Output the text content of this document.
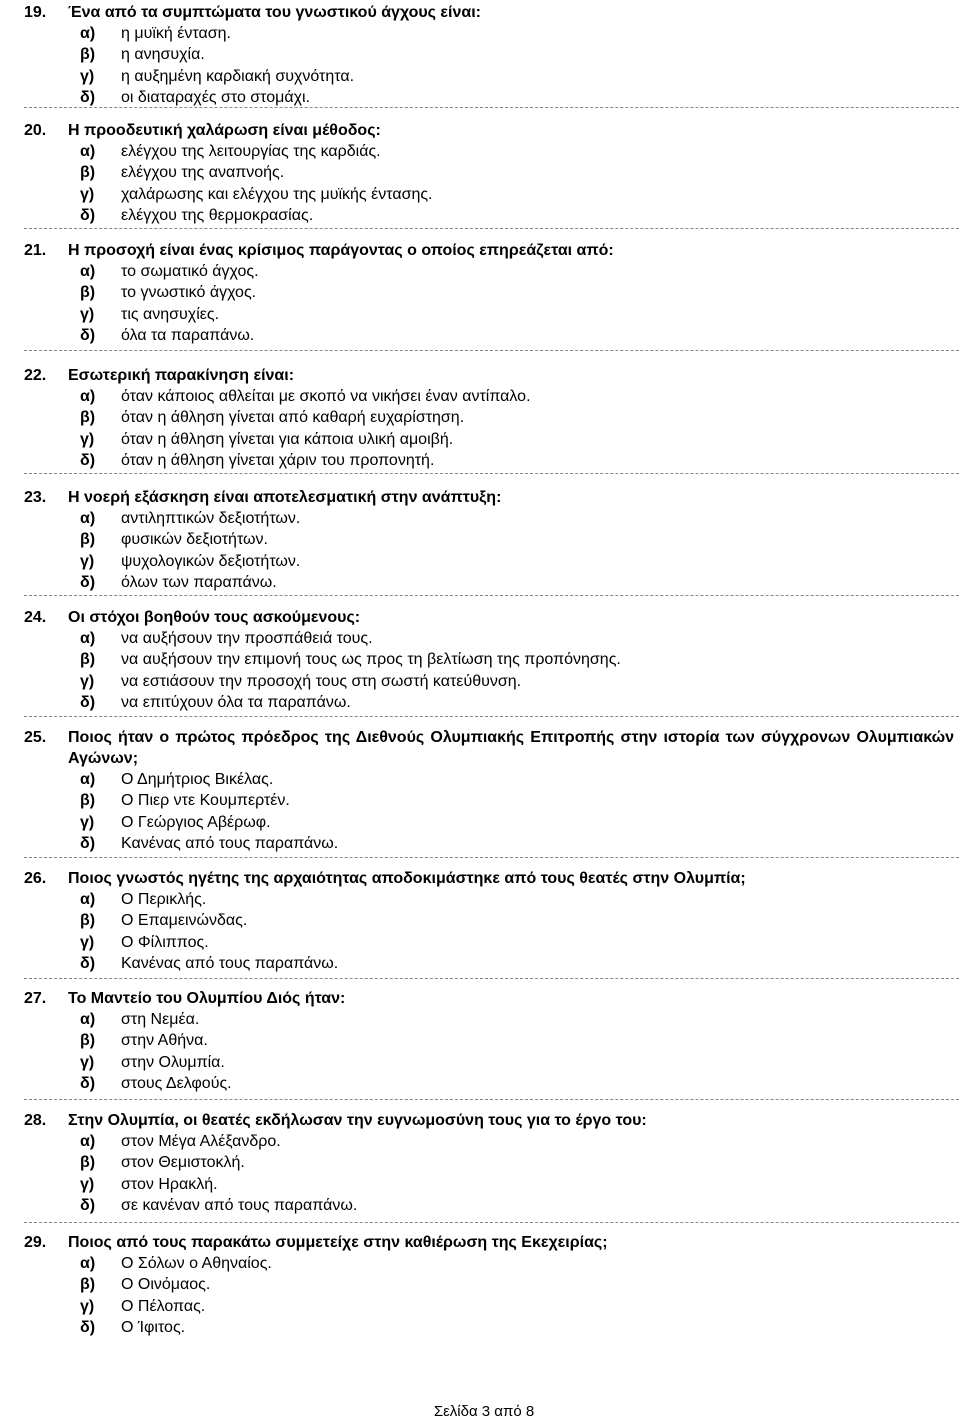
19.	Ένα από τα συμπτώματα του γνωστικού άγχους είναι:
α)	η μυϊκή ένταση.
β)	η ανησυχία.
γ)	η αυξημένη καρδιακή συχνότητα.
δ)	οι διαταραχές στο στομάχι.
20.	Η προοδευτική χαλάρωση είναι μέθοδος:
α)	ελέγχου της λειτουργίας της καρδιάς.
β)	ελέγχου της αναπνοής.
γ)	χαλάρωσης και ελέγχου της μυϊκής έντασης.
δ)	ελέγχου της θερμοκρασίας.
21.	Η προσοχή είναι ένας κρίσιμος παράγοντας ο οποίος επηρεάζεται από:
α)	το σωματικό άγχος.
β)	το γνωστικό άγχος.
γ)	τις ανησυχίες.
δ)	όλα τα παραπάνω.
22.	Εσωτερική παρακίνηση είναι:
α)	όταν κάποιος αθλείται με σκοπό να νικήσει έναν αντίπαλο.
β)	όταν η άθληση γίνεται από καθαρή ευχαρίστηση.
γ)	όταν η άθληση γίνεται για κάποια υλική αμοιβή.
δ)	όταν η άθληση γίνεται χάριν του προπονητή.
23.	Η νοερή εξάσκηση είναι αποτελεσματική στην ανάπτυξη:
α)	αντιληπτικών δεξιοτήτων.
β)	φυσικών δεξιοτήτων.
γ)	ψυχολογικών δεξιοτήτων.
δ)	όλων των παραπάνω.
24.	Οι στόχοι βοηθούν τους ασκούμενους:
α)	να αυξήσουν την προσπάθειά τους.
β)	να αυξήσουν την επιμονή τους ως προς τη βελτίωση της προπόνησης.
γ)	να εστιάσουν την προσοχή τους στη σωστή κατεύθυνση.
δ)	να επιτύχουν όλα τα παραπάνω.
25.	Ποιος ήταν ο πρώτος πρόεδρος της Διεθνούς Ολυμπιακής Επιτροπής στην ιστορία των σύγχρονων Ολυμπιακών Αγώνων;
α)	Ο Δημήτριος Βικέλας.
β)	Ο Πιερ ντε Κουμπερτέν.
γ)	Ο Γεώργιος Αβέρωφ.
δ)	Κανένας από τους παραπάνω.
26.	Ποιος γνωστός ηγέτης της αρχαιότητας αποδοκιμάστηκε από τους θεατές στην Ολυμπία;
α)	Ο Περικλής.
β)	Ο Επαμεινώνδας.
γ)	Ο Φίλιππος.
δ)	Κανένας από τους παραπάνω.
27.	Το Μαντείο του Ολυμπίου Διός ήταν:
α)	στη Νεμέα.
β)	στην Αθήνα.
γ)	στην Ολυμπία.
δ)	στους Δελφούς.
28.	Στην Ολυμπία, οι θεατές εκδήλωσαν την ευγνωμοσύνη τους για το έργο του:
α)	στον Μέγα Αλέξανδρο.
β)	στον Θεμιστοκλή.
γ)	στον Ηρακλή.
δ)	σε κανέναν από τους παραπάνω.
29.	Ποιος από τους παρακάτω συμμετείχε στην καθιέρωση της Εκεχειρίας;
α)	Ο Σόλων ο Αθηναίος.
β)	Ο Οινόμαος.
γ)	Ο Πέλοπας.
δ)	Ο Ίφιτος.
Σελίδα 3 από 8
